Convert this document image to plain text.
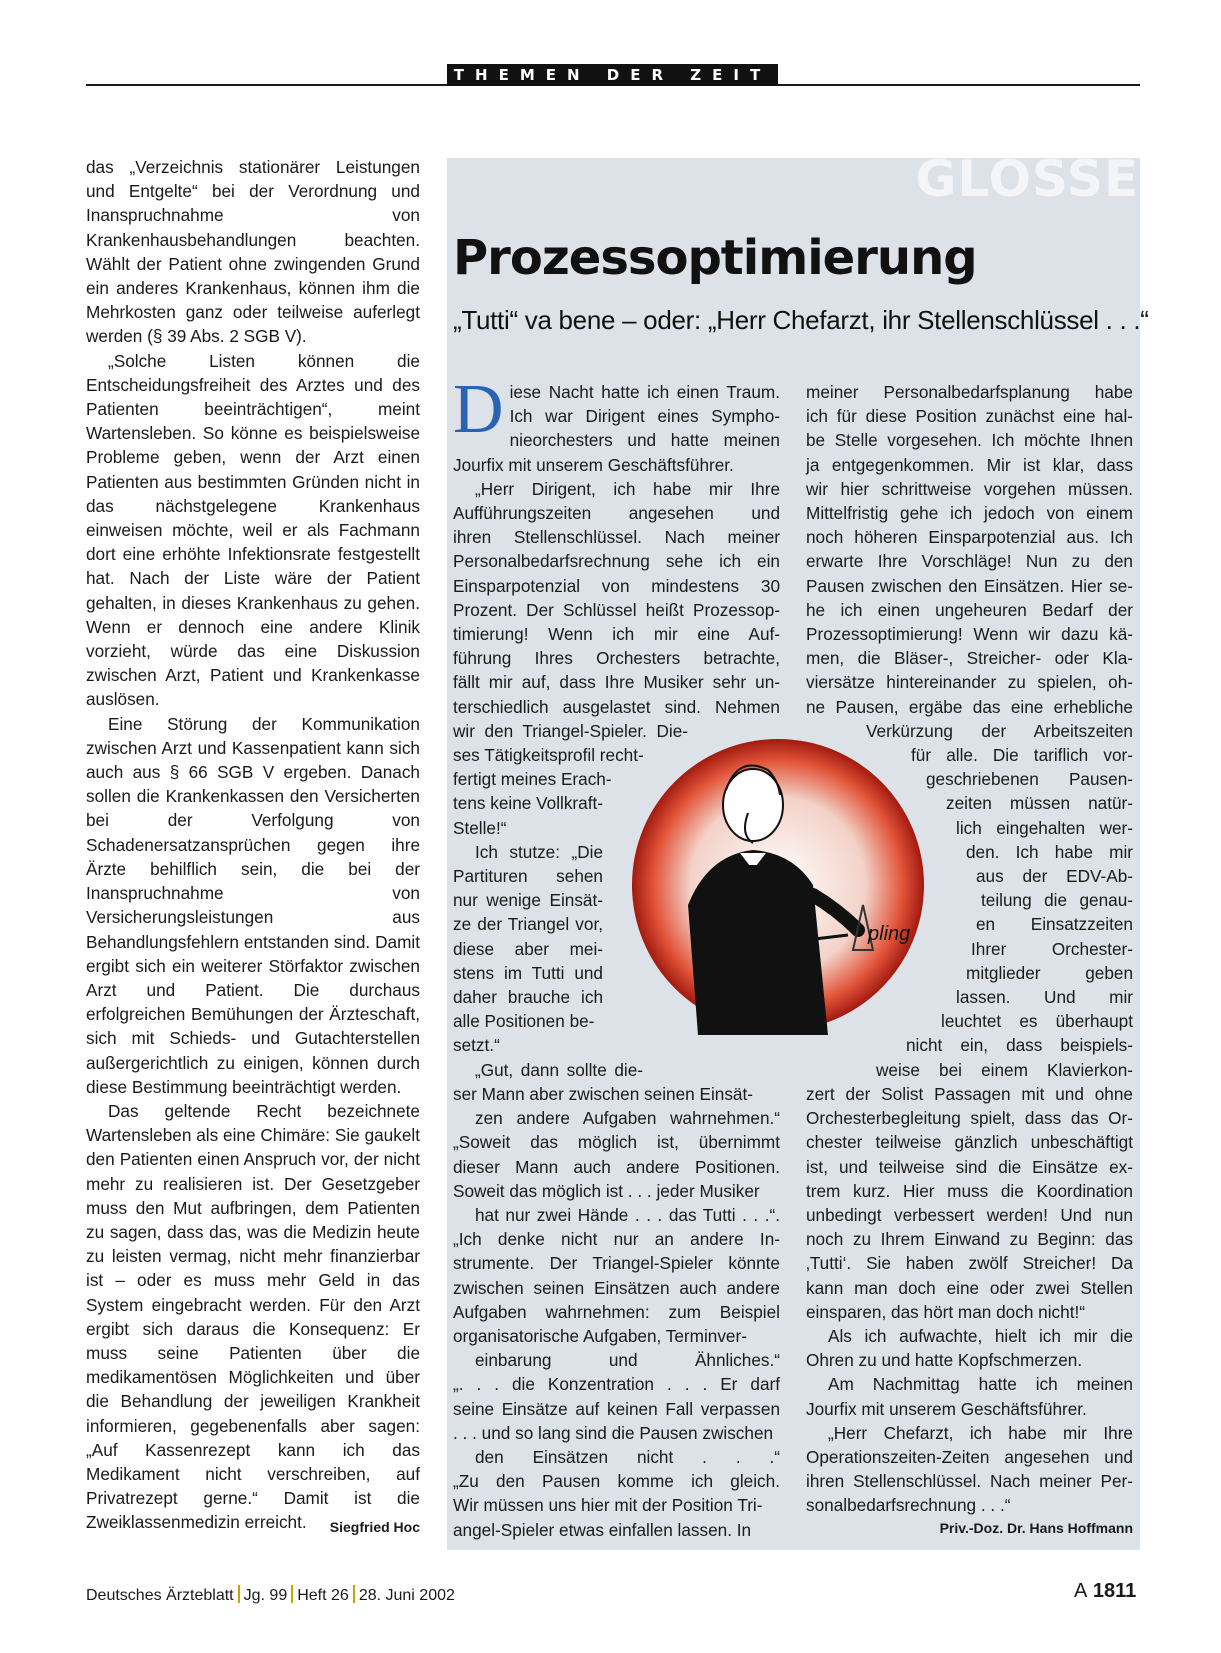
THEMEN DER ZEIT

das „Verzeichnis stationärer Leistungen und Entgelte“ bei der Verordnung und Inanspruchnahme von Krankenhausbehandlungen beachten. Wählt der Patient ohne zwingenden Grund ein anderes Krankenhaus, können ihm die Mehrkosten ganz oder teilweise auferlegt werden (§ 39 Abs. 2 SGB V).

„Solche Listen können die Entscheidungsfreiheit des Arztes und des Patienten beeinträchtigen“, meint Wartensleben. So könne es beispielsweise Probleme geben, wenn der Arzt einen Patienten aus bestimmten Gründen nicht in das nächstgelegene Krankenhaus einweisen möchte, weil er als Fachmann dort eine erhöhte Infektionsrate festgestellt hat. Nach der Liste wäre der Patient gehalten, in dieses Krankenhaus zu gehen. Wenn er dennoch eine andere Klinik vorzieht, würde das eine Diskussion zwischen Arzt, Patient und Krankenkasse auslösen.

Eine Störung der Kommunikation zwischen Arzt und Kassenpatient kann sich auch aus § 66 SGB V ergeben. Danach sollen die Krankenkassen den Versicherten bei der Verfolgung von Schadenersatzansprüchen gegen ihre Ärzte behilflich sein, die bei der Inanspruchnahme von Versicherungsleistungen aus Behandlungsfehlern entstanden sind. Damit ergibt sich ein weiterer Störfaktor zwischen Arzt und Patient. Die durchaus erfolgreichen Bemühungen der Ärzteschaft, sich mit Schieds- und Gutachterstellen außergerichtlich zu einigen, können durch diese Bestimmung beeinträchtigt werden.

Das geltende Recht bezeichnete Wartensleben als eine Chimäre: Sie gaukelt den Patienten einen Anspruch vor, der nicht mehr zu realisieren ist. Der Gesetzgeber muss den Mut aufbringen, dem Patienten zu sagen, dass das, was die Medizin heute zu leisten vermag, nicht mehr finanzierbar ist – oder es muss mehr Geld in das System eingebracht werden. Für den Arzt ergibt sich daraus die Konsequenz: Er muss seine Patienten über die medikamentösen Möglichkeiten und über die Behandlung der jeweiligen Krankheit informieren, gegebenenfalls aber sagen: „Auf Kassenrezept kann ich das Medikament nicht verschreiben, auf Privatrezept gerne.“ Damit ist die Zweiklassenmedizin erreicht.	Siegfried Hoc

GLOSSE
Prozessoptimierung
„Tutti“ va bene – oder: „Herr Chefarzt, ihr Stellenschlüssel . . .“
pling
D iese Nacht hatte ich einen Traum.
Ich war Dirigent eines Sympho-
nieorchesters und hatte meinen
Jourfix mit unserem Geschäftsführer.
„Herr Dirigent, ich habe mir Ihre
Aufführungszeiten angesehen und
ihren Stellenschlüssel. Nach meiner
Personalbedarfsrechnung sehe ich ein
Einsparpotenzial von mindestens 30
Prozent. Der Schlüssel heißt Prozessop-
timierung! Wenn ich mir eine Auf-
führung Ihres Orchesters betrachte,
fällt mir auf, dass Ihre Musiker sehr un-
terschiedlich ausgelastet sind. Nehmen
wir den Triangel-Spieler. Die-
ses Tätigkeitsprofil recht-
fertigt meines Erach-
tens keine Vollkraft-
Stelle!“
Ich stutze: „Die
Partituren sehen
nur wenige Einsät-
ze der Triangel vor,
diese aber mei-
stens im Tutti und
daher brauche ich
alle Positionen be-
setzt.“
„Gut, dann sollte die-
ser Mann aber zwischen seinen Einsät-
zen andere Aufgaben wahrnehmen.“
„Soweit das möglich ist, übernimmt
dieser Mann auch andere Positionen.
Soweit das möglich ist . . . jeder Musiker
hat nur zwei Hände . . . das Tutti . . .“.
„Ich denke nicht nur an andere In-
strumente. Der Triangel-Spieler könnte
zwischen seinen Einsätzen auch andere
Aufgaben wahrnehmen: zum Beispiel
organisatorische Aufgaben, Terminver-
einbarung und Ähnliches.“
„. . . die Konzentration . . . Er darf
seine Einsätze auf keinen Fall verpassen
. . . und so lang sind die Pausen zwischen
den Einsätzen nicht . . .“
„Zu den Pausen komme ich gleich.
Wir müssen uns hier mit der Position Tri-
angel-Spieler etwas einfallen lassen. In
meiner Personalbedarfsplanung habe
ich für diese Position zunächst eine hal-
be Stelle vorgesehen. Ich möchte Ihnen
ja entgegenkommen. Mir ist klar, dass
wir hier schrittweise vorgehen müssen.
Mittelfristig gehe ich jedoch von einem
noch höheren Einsparpotenzial aus. Ich
erwarte Ihre Vorschläge! Nun zu den
Pausen zwischen den Einsätzen. Hier se-
he ich einen ungeheuren Bedarf der
Prozessoptimierung! Wenn wir dazu kä-
men, die Bläser-, Streicher- oder Kla-
viersätze hintereinander zu spielen, oh-
ne Pausen, ergäbe das eine erhebliche
Verkürzung der Arbeitszeiten
für alle. Die tariflich vor-
geschriebenen Pausen-
zeiten müssen natür-
lich eingehalten wer-
den. Ich habe mir
aus der EDV-Ab-
teilung die genau-
en Einsatzzeiten
Ihrer Orchester-
mitglieder geben
lassen. Und mir
leuchtet es überhaupt
nicht ein, dass beispiels-
weise bei einem Klavierkon-
zert der Solist Passagen mit und ohne
Orchesterbegleitung spielt, dass das Or-
chester teilweise gänzlich unbeschäftigt
ist, und teilweise sind die Einsätze ex-
trem kurz. Hier muss die Koordination
unbedingt verbessert werden! Und nun
noch zu Ihrem Einwand zu Beginn: das
‚Tutti‘. Sie haben zwölf Streicher! Da
kann man doch eine oder zwei Stellen
einsparen, das hört man doch nicht!“
Als ich aufwachte, hielt ich mir die
Ohren zu und hatte Kopfschmerzen.
Am Nachmittag hatte ich meinen
Jourfix mit unserem Geschäftsführer.
„Herr Chefarzt, ich habe mir Ihre
Operationszeiten-Zeiten angesehen und
ihren Stellenschlüssel. Nach meiner Per-
sonalbedarfsrechnung . . .“
Priv.-Doz. Dr. Hans Hoffmann
Deutsches Ärzteblatt Jg. 99 Heft 26 28. Juni 2002	A 1811
